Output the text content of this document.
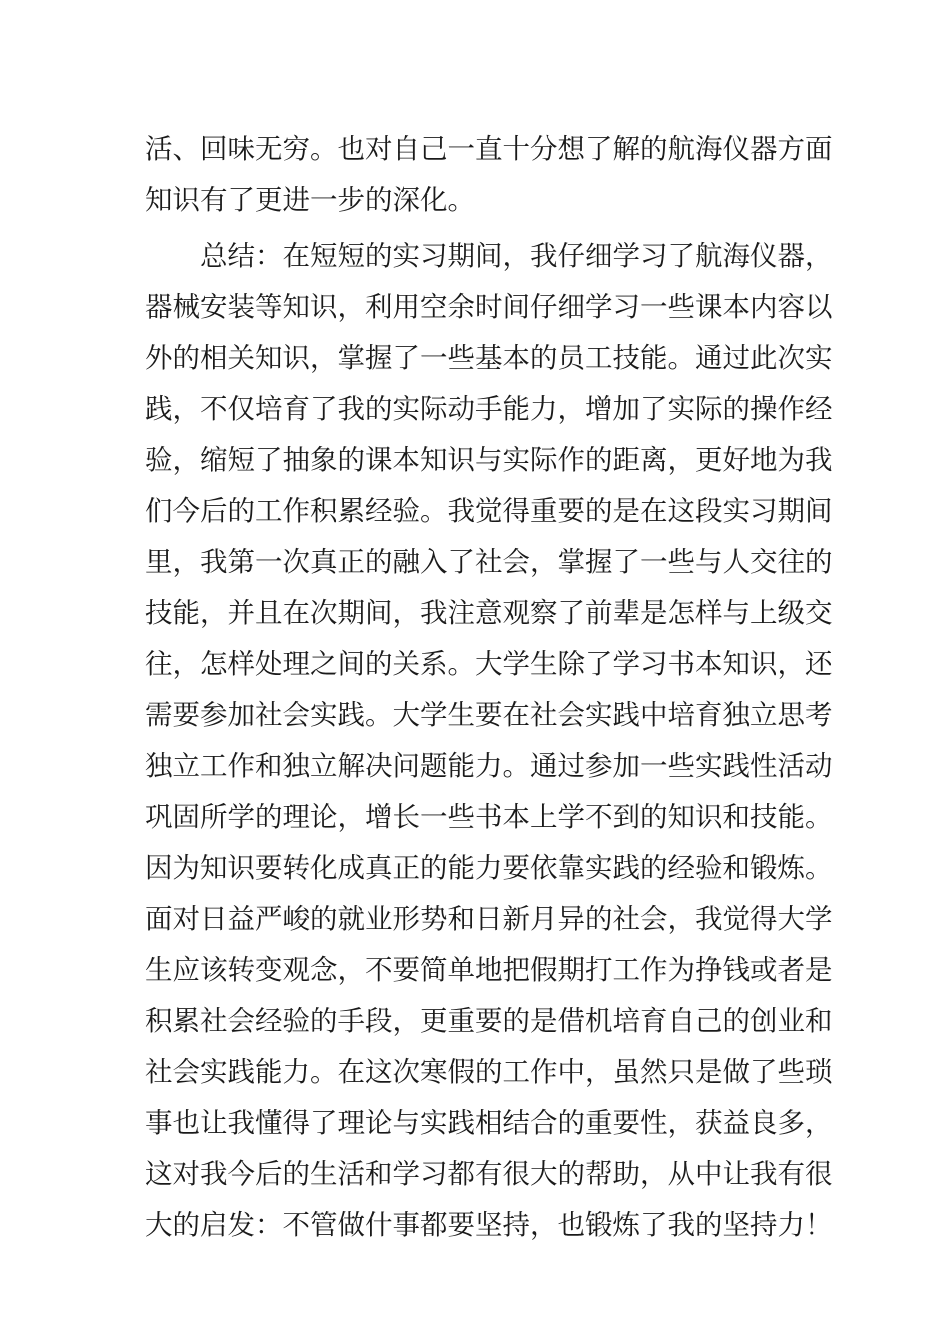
活、回味无穷。也对自己一直十分想了解的航海仪器方面
知识有了更进一步的深化。
总结：在短短的实习期间，我仔细学习了航海仪器，
器械安装等知识，利用空余时间仔细学习一些课本内容以
外的相关知识，掌握了一些基本的员工技能。通过此次实
践，不仅培育了我的实际动手能力，增加了实际的操作经
验，缩短了抽象的课本知识与实际作的距离，更好地为我
们今后的工作积累经验。我觉得重要的是在这段实习期间
里，我第一次真正的融入了社会，掌握了一些与人交往的
技能，并且在次期间，我注意观察了前辈是怎样与上级交
往，怎样处理之间的关系。大学生除了学习书本知识，还
需要参加社会实践。大学生要在社会实践中培育独立思考
独立工作和独立解决问题能力。通过参加一些实践性活动
巩固所学的理论，增长一些书本上学不到的知识和技能。
因为知识要转化成真正的能力要依靠实践的经验和锻炼。
面对日益严峻的就业形势和日新月异的社会，我觉得大学
生应该转变观念，不要简单地把假期打工作为挣钱或者是
积累社会经验的手段，更重要的是借机培育自己的创业和
社会实践能力。在这次寒假的工作中，虽然只是做了些琐
事也让我懂得了理论与实践相结合的重要性，获益良多，
这对我今后的生活和学习都有很大的帮助，从中让我有很
大的启发：不管做什事都要坚持，也锻炼了我的坚持力！
